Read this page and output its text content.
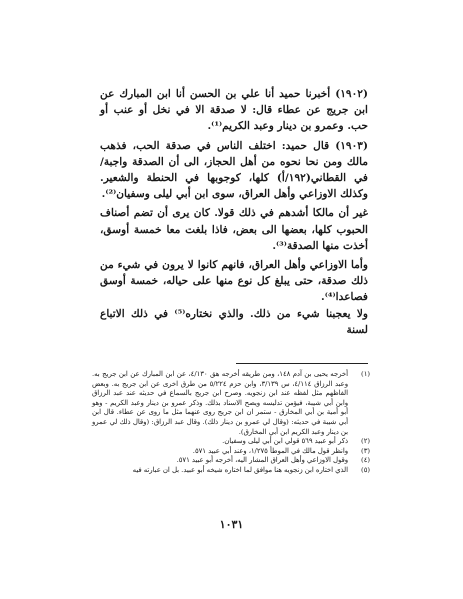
(١٩٠٢) أخبرنا حميد أنا علي بن الحسن أنا ابن المبارك عن ابن جريج عن عطاء قال: لا صدقة الا في نخل أو عنب أو حب. وعمرو بن دينار وعبد الكريم⁽¹⁾.

(١٩٠٣) قال حميد: اختلف الناس في صدقة الحب، فذهب مالك ومن نحا نحوه من أهل الحجاز، الى أن الصدقة واجبة/ في القطاني(١٩٢/أ) كلها، كوجوبها في الحنطة والشعير. وكذلك الاوزاعي وأهل العراق، سوى ابن أبي ليلى وسفيان⁽²⁾.

غير أن مالكا أشدهم في ذلك قولا. كان يرى أن تضم أصناف الحبوب كلها، بعضها الى بعض، فاذا بلغت معا خمسة أوسق، أخذت منها الصدقة⁽³⁾.

وأما الاوزاعي وأهل العراق، فانهم كانوا لا يرون في شيء من ذلك صدقة، حتى يبلغ كل نوع منها على حياله، خمسة أوسق فصاعدا⁽⁴⁾.

ولا يعجبنا شيء من ذلك. والذي نختاره⁽⁵⁾ في ذلك الاتباع لسنة

(١)
أخرجه يحيى بن آدم ١٤٨، ومن طريقه أخرجه هق ٤/١٣٠، عن ابن المبارك عن ابن جريج به. وعبد الرزاق ٤/١١٤، س ٣/١٣٩، وابن حزم ٥/٢٢٤ من طرق اخرى عن ابن جريج به. وبعض الفاظهم مثل لفظه عند ابن زنجويه. وصرح ابن جريج بالسماع في حديثه عند عبد الرزاق وابن أبي شيبة، فيؤمن تدليسه ويصح الاسناد بذلك. وذكر عمرو بن دينار وعبد الكريم - وهو أبو أمية بن أبي المخارق - ستمر ان ابن جريج روى عنهما مثل ما روى عن عطاء. قال ابن أبي شيبة في حديثه: (وقال لي عمرو بن دينار ذلك). وقال عبد الرزاق: (وقال ذلك لي عمرو بن دينار وعبد الكريم ابن أبي المخارق).
(٢)
ذكر أبو عبيد ٥٦٩ قولي ابن أبي ليلى وسفيان.
(٣)
وانظر قول مالك في الموطأ ١/٢٧٥، وعند أبي عبيد ٥٧١.
(٤)
وقول الاوزاعي وأهل العراق المشار اليه، أخرجه أبو عبيد ٥٧١.
(٥)
الذي اختاره ابن زنجويه هنا موافق لما اختاره شيخه أبو عبيد. بل ان عبارته فيه
١٠٣١
